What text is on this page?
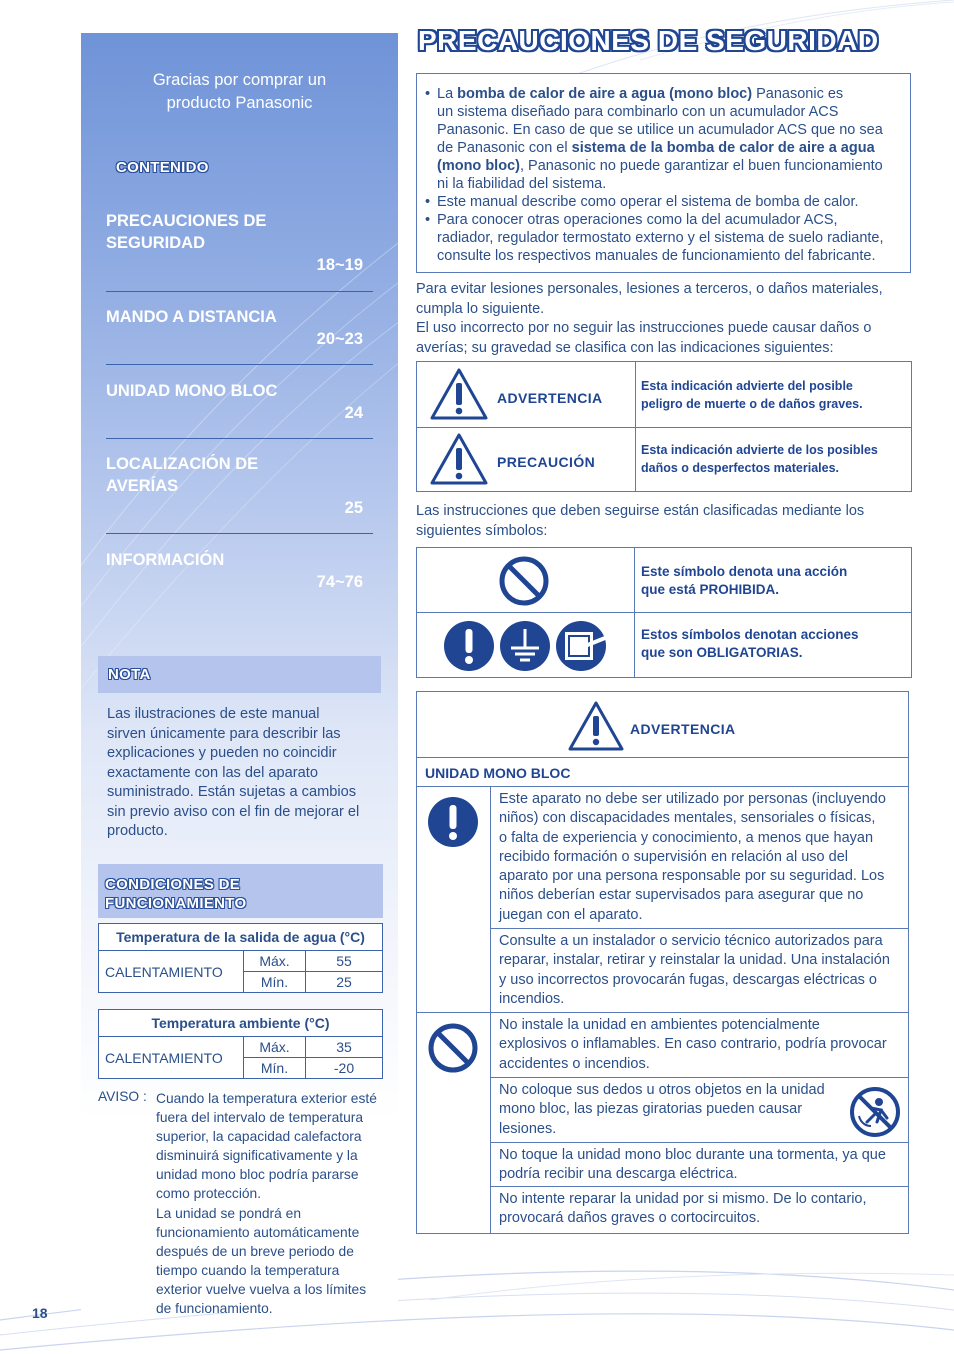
Gracias por comprar un
producto Panasonic
CONTENIDO
PRECAUCIONES DE
SEGURIDAD
18~19
MANDO A DISTANCIA
20~23
UNIDAD MONO BLOC
24
LOCALIZACIÓN DE
AVERÍAS
25
INFORMACIÓN
74~76
NOTA
Las ilustraciones de este manual
sirven únicamente para describir las
explicaciones y pueden no coincidir
exactamente con las del aparato
suministrado. Están sujetas a cambios
sin previo aviso con el fin de mejorar el
producto.
CONDICIONES DE
FUNCIONAMIENTO
Temperatura de la salida de agua (°C)		
CALENTAMIENTO	Máx.	55
	Mín.	25
Temperatura ambiente (°C)		
CALENTAMIENTO	Máx.	35
	Mín.	-20
AVISO : Cuando la temperatura exterior esté
fuera del intervalo de temperatura
superior, la capacidad calefactora
disminuirá significativamente y la
unidad mono bloc podría pararse
como protección.
La unidad se pondrá en
funcionamiento automáticamente
después de un breve periodo de
tiempo cuando la temperatura
exterior vuelve vuelva a los límites
de funcionamiento.
18
PRECAUCIONES DE SEGURIDAD
• La bomba de calor de aire a agua (mono bloc) Panasonic es
un sistema diseñado para combinarlo con un acumulador ACS
Panasonic. En caso de que se utilice un acumulador ACS que no sea
de Panasonic con el sistema de la bomba de calor de aire a agua
(mono bloc), Panasonic no puede garantizar el buen funcionamiento
ni la fiabilidad del sistema.
• Este manual describe como operar el sistema de bomba de calor.
• Para conocer otras operaciones como la del acumulador ACS,
radiador, regulador termostato externo y el sistema de suelo radiante,
consulte los respectivos manuales de funcionamiento del fabricante.
Para evitar lesiones personales, lesiones a terceros, o daños materiales,
cumpla lo siguiente.
El uso incorrecto por no seguir las instrucciones puede causar daños o
averías; su gravedad se clasifica con las indicaciones siguientes:
ADVERTENCIA
Esta indicación advierte del posible
peligro de muerte o de daños graves.
PRECAUCIÓN
Esta indicación advierte de los posibles
daños o desperfectos materiales.
Las instrucciones que deben seguirse están clasificadas mediante los
siguientes símbolos:
Este símbolo denota una acción
que está PROHIBIDA.
Estos símbolos denotan acciones
que son OBLIGATORIAS.
ADVERTENCIA
UNIDAD MONO BLOC
Este aparato no debe ser utilizado por personas (incluyendo
niños) con discapacidades mentales, sensoriales o físicas,
o falta de experiencia y conocimiento, a menos que hayan
recibido formación o supervisión en relación al uso del
aparato por una persona responsable por su seguridad. Los
niños deberían estar supervisados para asegurar que no
juegan con el aparato.
Consulte a un instalador o servicio técnico autorizados para
reparar, instalar, retirar y reinstalar la unidad. Una instalación
y uso incorrectos provocarán fugas, descargas eléctricas o
incendios.
No instale la unidad en ambientes potencialmente
explosivos o inflamables. En caso contrario, podría provocar
accidentes o incendios.
No coloque sus dedos u otros objetos en la unidad
mono bloc, las piezas giratorias pueden causar
lesiones.
No toque la unidad mono bloc durante una tormenta, ya que
podría recibir una descarga eléctrica.
No intente reparar la unidad por si mismo. De lo contario,
provocará daños graves o cortocircuitos.
